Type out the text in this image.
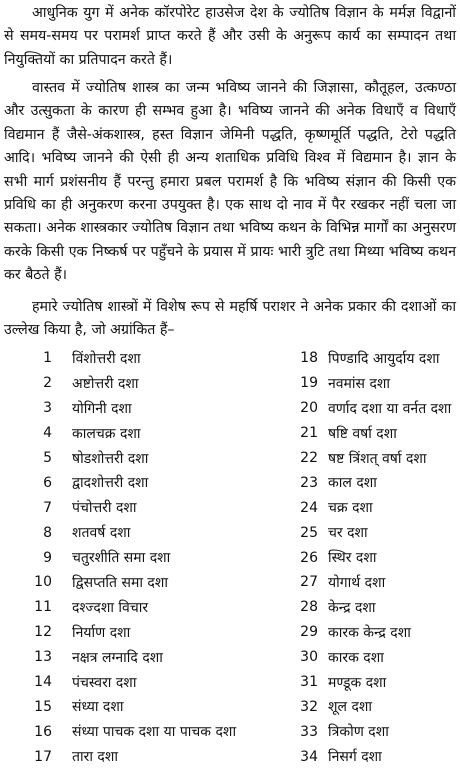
आधुनिक युग में अनेक कॉरपोरेट हाउसेज देश के ज्योतिष विज्ञान के मर्मज्ञ विद्वानों से समय-समय पर परामर्श प्राप्त करते हैं और उसी के अनुरूप कार्य का सम्पादन तथा नियुक्तियों का प्रतिपादन करते हैं।

वास्तव में ज्योतिष शास्त्र का जन्म भविष्य जानने की जिज्ञासा, कौतूहल, उत्कण्ठा और उत्सुकता के कारण ही सम्भव हुआ है। भविष्य जानने की अनेक विधाएँ व विधाएँ विद्यमान हैं जैसे-अंकशास्त्र, हस्त विज्ञान जेमिनी पद्धति, कृष्णमूर्ति पद्धति, टेरो पद्धति आदि। भविष्य जानने की ऐसी ही अन्य शताधिक प्रविधि विश्व में विद्यमान है। ज्ञान के सभी मार्ग प्रशंसनीय हैं परन्तु हमारा प्रबल परामर्श है कि भविष्य संज्ञान की किसी एक प्रविधि का ही अनुकरण करना उपयुक्त है। एक साथ दो नाव में पैर रखकर नहीं चला जा सकता। अनेक शास्त्रकार ज्योतिष विज्ञान तथा भविष्य कथन के विभिन्न मार्गों का अनुसरण करके किसी एक निष्कर्ष पर पहुँचने के प्रयास में प्रायः भारी त्रुटि तथा मिथ्या भविष्य कथन कर बैठते हैं।

हमारे ज्योतिष शास्त्रों में विशेष रूप से महर्षि पराशर ने अनेक प्रकार की दशाओं का उल्लेख किया है, जो अग्रांकित हैं–

1 विंशोत्तरी दशा
2 अष्टोत्तरी दशा
3 योगिनी दशा
4 कालचक्र दशा
5 षोडशोत्तरी दशा
6 द्वादशोत्तरी दशा
7 पंचोत्तरी दशा
8 शतवर्ष दशा
9 चतुरशीति समा दशा
10 द्विसप्तति समा दशा
11 दश्ज्दशा विचार
12 निर्याण दशा
13 नक्षत्र लग्नादि दशा
14 पंचस्वरा दशा
15 संध्या दशा
16 संध्या पाचक दशा या पाचक दशा
17 तारा दशा
18 पिण्डादि आयुर्दाय दशा
19 नवमांस दशा
20 वर्णाद दशा या वर्नत दशा
21 षष्टि वर्षा दशा
22 षष्ट त्रिंशत् वर्षा दशा
23 काल दशा
24 चक्र दशा
25 चर दशा
26 स्थिर दशा
27 योगार्थ दशा
28 केन्द्र दशा
29 कारक केन्द्र दशा
30 कारक दशा
31 मण्डूक दशा
32 शूल दशा
33 त्रिकोण दशा
34 निसर्ग दशा
